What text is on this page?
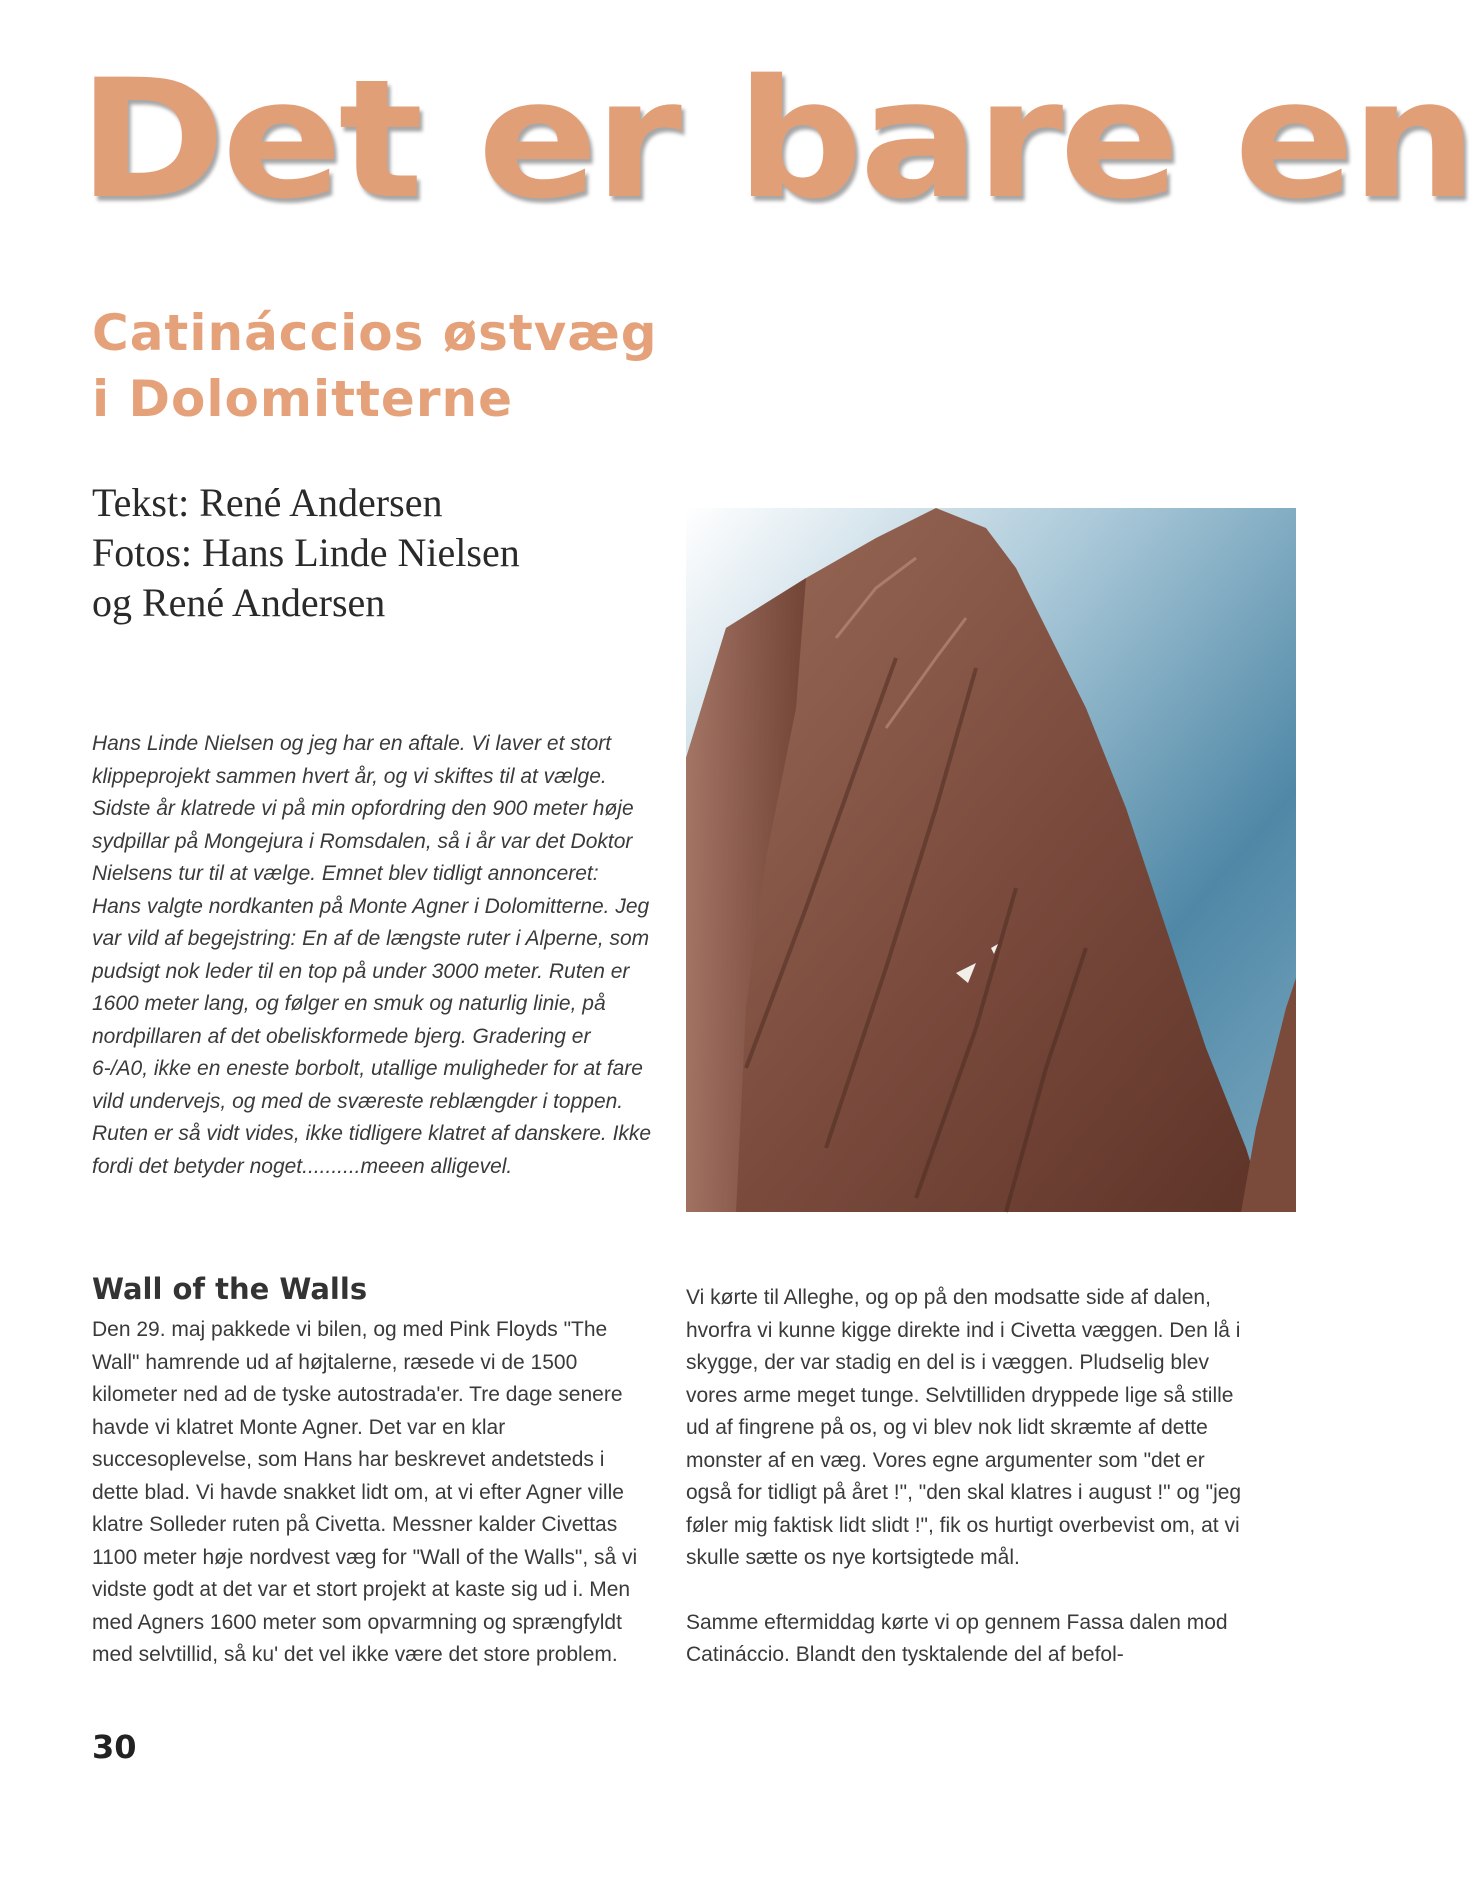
Det er bare en
Catináccios østvæg
i Dolomitterne
Tekst: René Andersen
Fotos: Hans Linde Nielsen
og René Andersen
Hans Linde Nielsen og jeg har en aftale. Vi laver et stort klippeprojekt sammen hvert år, og vi skiftes til at vælge. Sidste år klatrede vi på min opfordring den 900 meter høje sydpillar på Mongejura i Romsdalen, så i år var det Doktor Nielsens tur til at vælge. Emnet blev tidligt annonceret: Hans valgte nordkanten på Monte Agner i Dolomitterne. Jeg var vild af begejstring: En af de længste ruter i Alperne, som pudsigt nok leder til en top på under 3000 meter. Ruten er 1600 meter lang, og følger en smuk og naturlig linie, på nordpillaren af det obeliskformede bjerg. Gradering er 6-/A0, ikke en eneste borbolt, utallige muligheder for at fare vild undervejs, og med de sværeste reblængder i toppen. Ruten er så vidt vides, ikke tidligere klatret af danskere. Ikke fordi det betyder noget..........meeen alligevel.
Wall of the Walls

Den 29. maj pakkede vi bilen, og med Pink Floyds "The Wall" hamrende ud af højtalerne, ræsede vi de 1500 kilometer ned ad de tyske autostrada'er. Tre dage senere havde vi klatret Monte Agner. Det var en klar succesoplevelse, som Hans har beskrevet andetsteds i dette blad. Vi havde snakket lidt om, at vi efter Agner ville klatre Solleder ruten på Civetta. Messner kalder Civettas 1100 meter høje nordvest væg for "Wall of the Walls", så vi vidste godt at det var et stort projekt at kaste sig ud i. Men med Agners 1600 meter som opvarmning og sprængfyldt med selvtillid, så ku' det vel ikke være det store problem.

Vi kørte til Alleghe, og op på den modsatte side af dalen, hvorfra vi kunne kigge direkte ind i Civetta væggen. Den lå i skygge, der var stadig en del is i væggen. Pludselig blev vores arme meget tunge. Selvtilliden dryppede lige så stille ud af fingrene på os, og vi blev nok lidt skræmte af dette monster af en væg. Vores egne argumenter som "det er også for tidligt på året !", "den skal klatres i august !" og "jeg føler mig faktisk lidt slidt !", fik os hurtigt overbevist om, at vi skulle sætte os nye kortsigtede mål.

Samme eftermiddag kørte vi op gennem Fassa dalen mod Catináccio. Blandt den tysktalende del af befol-

30
